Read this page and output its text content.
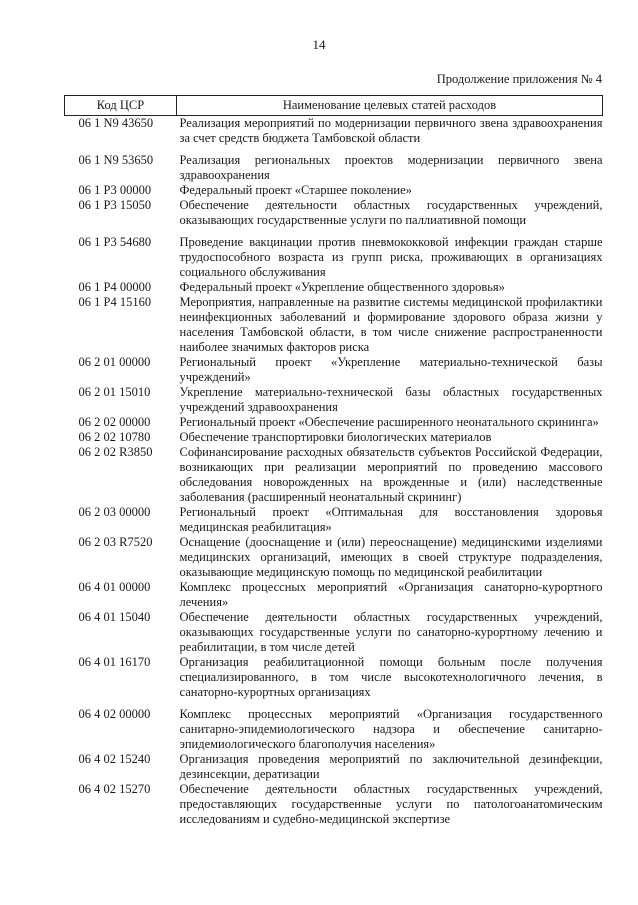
14
Продолжение приложения № 4
Код ЦСР	Наименование целевых статей расходов
06 1 N9 43650	Реализация мероприятий по модернизации первичного звена здравоохранения за счет средств бюджета Тамбовской области
06 1 N9 53650	Реализация региональных проектов модернизации первичного звена здравоохранения
06 1 P3 00000	Федеральный проект «Старшее поколение»
06 1 P3 15050	Обеспечение деятельности областных государственных учреждений, оказывающих государственные услуги по паллиативной помощи
06 1 P3 54680	Проведение вакцинации против пневмококковой инфекции граждан старше трудоспособного возраста из групп риска, проживающих в организациях социального обслуживания
06 1 P4 00000	Федеральный проект «Укрепление общественного здоровья»
06 1 P4 15160	Мероприятия, направленные на развитие системы медицинской профилактики неинфекционных заболеваний и формирование здорового образа жизни у населения Тамбовской области, в том числе снижение распространенности наиболее значимых факторов риска
06 2 01 00000	Региональный проект «Укрепление материально-технической базы учреждений»
06 2 01 15010	Укрепление материально-технической базы областных государственных учреждений здравоохранения
06 2 02 00000	Региональный проект «Обеспечение расширенного неонатального скрининга»
06 2 02 10780	Обеспечение транспортировки биологических материалов
06 2 02 R3850	Софинансирование расходных обязательств субъектов Российской Федерации, возникающих при реализации мероприятий по проведению массового обследования новорожденных на врожденные и (или) наследственные заболевания (расширенный неонатальный скрининг)
06 2 03 00000	Региональный проект «Оптимальная для восстановления здоровья медицинская реабилитация»
06 2 03 R7520	Оснащение (дооснащение и (или) переоснащение) медицинскими изделиями медицинских организаций, имеющих в своей структуре подразделения, оказывающие медицинскую помощь по медицинской реабилитации
06 4 01 00000	Комплекс процессных мероприятий «Организация санаторно-курортного лечения»
06 4 01 15040	Обеспечение деятельности областных государственных учреждений, оказывающих государственные услуги по санаторно-курортному лечению и реабилитации, в том числе детей
06 4 01 16170	Организация реабилитационной помощи больным после получения специализированного, в том числе высокотехнологичного лечения, в санаторно-курортных организациях
06 4 02 00000	Комплекс процессных мероприятий «Организация государственного санитарно-эпидемиологического надзора и обеспечение санитарно-эпидемиологического благополучия населения»
06 4 02 15240	Организация проведения мероприятий по заключительной дезинфекции, дезинсекции, дератизации
06 4 02 15270	Обеспечение деятельности областных государственных учреждений, предоставляющих государственные услуги по патологоанатомическим исследованиям и судебно-медицинской экспертизе
